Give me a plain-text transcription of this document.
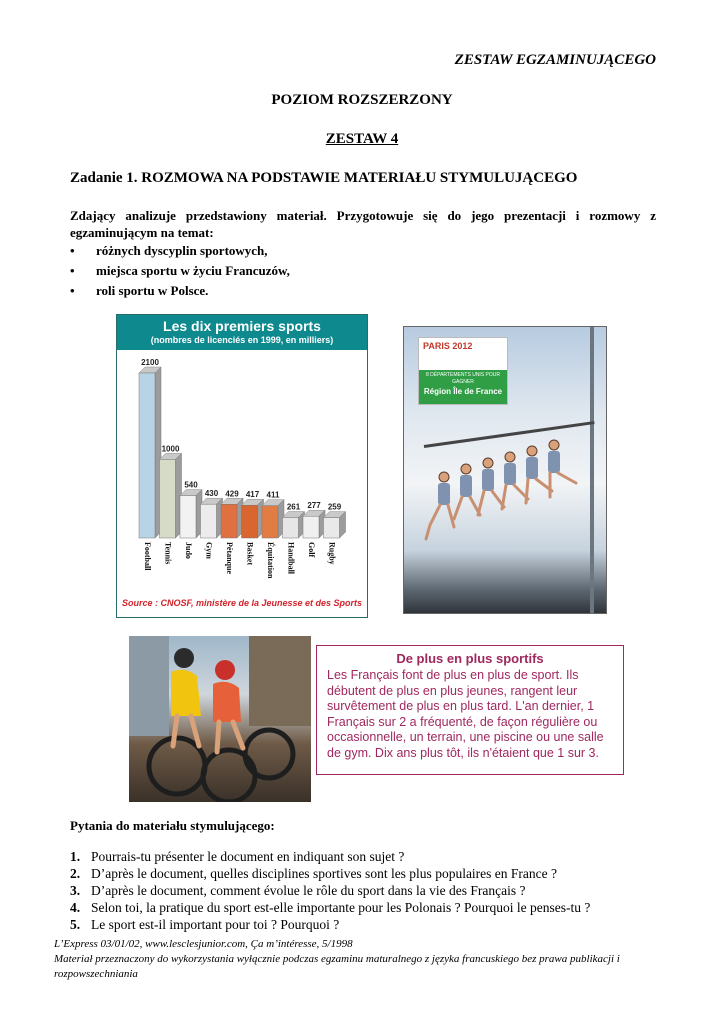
ZESTAW EGZAMINUJĄCEGO
POZIOM ROZSZERZONY
ZESTAW 4
Zadanie 1. ROZMOWA NA PODSTAWIE MATERIAŁU STYMULUJĄCEGO
Zdający analizuje przedstawiony materiał. Przygotowuje się do jego prezentacji i rozmowy z egzaminującym na temat:
• różnych dyscyplin sportowych,
• miejsca sportu w życiu Francuzów,
• roli sportu w Polsce.
Les dix premiers sports
(nombres de licenciés en 1999, en milliers)
2100
Football
1000
Tennis
540
Judo
430
Gym
429
Pétanque
417
Basket
411
Équitation
261
Handball
277
Golf
259
Rugby
Source : CNOSF, ministère de la Jeunesse et des Sports
PARIS 2012
8 DÉPARTEMENTS UNIS POUR GAGNER
Région Île de France
De plus en plus sportifs
Les Français font de plus en plus de sport. Ils débutent de plus en plus jeunes, rangent leur survêtement de plus en plus tard. L'an dernier, 1 Français sur 2 a fréquenté, de façon régulière ou occasionnelle, un terrain, une piscine ou une salle de gym. Dix ans plus tôt, ils n'étaient que 1 sur 3.
Pytania do materiału stymulującego:
1. Pourrais-tu présenter le document en indiquant son sujet ?
2. D’après le document, quelles disciplines sportives sont les plus populaires en France ?
3. D’après le document, comment évolue le rôle du sport dans la vie des Français ?
4. Selon toi, la pratique du sport est-elle importante pour les Polonais ? Pourquoi le penses-tu ?
5. Le sport est-il important pour toi ? Pourquoi ?
L’Express 03/01/02, www.lesclesjunior.com, Ça m’intéresse, 5/1998
Materiał przeznaczony do wykorzystania wyłącznie podczas egzaminu maturalnego z języka francuskiego bez prawa publikacji i rozpowszechniania
